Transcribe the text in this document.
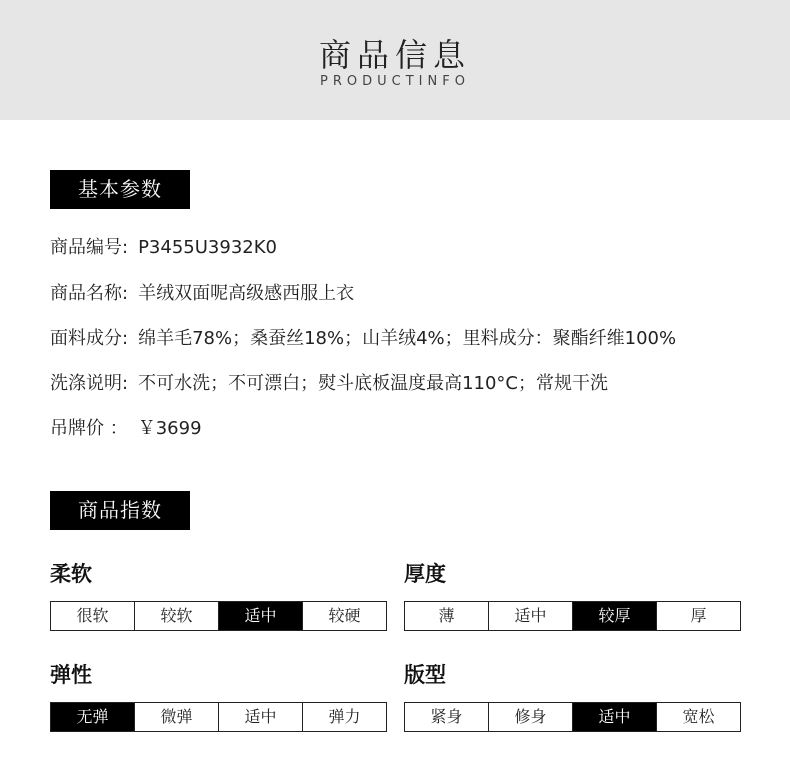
商品信息
PRODUCTINFO
基本参数
商品编号: P3455U3932K0
商品名称: 羊绒双面呢高级感西服上衣
面料成分: 绵羊毛78%；桑蚕丝18%；山羊绒4%；里料成分：聚酯纤维100%
洗涤说明: 不可水洗；不可漂白；熨斗底板温度最高110°C；常规干洗
吊牌价 ： ￥3699
商品指数
柔软
很软	较软	适中	较硬
厚度
薄	适中	较厚	厚
弹性
无弹	微弹	适中	弹力
版型
紧身	修身	适中	宽松
